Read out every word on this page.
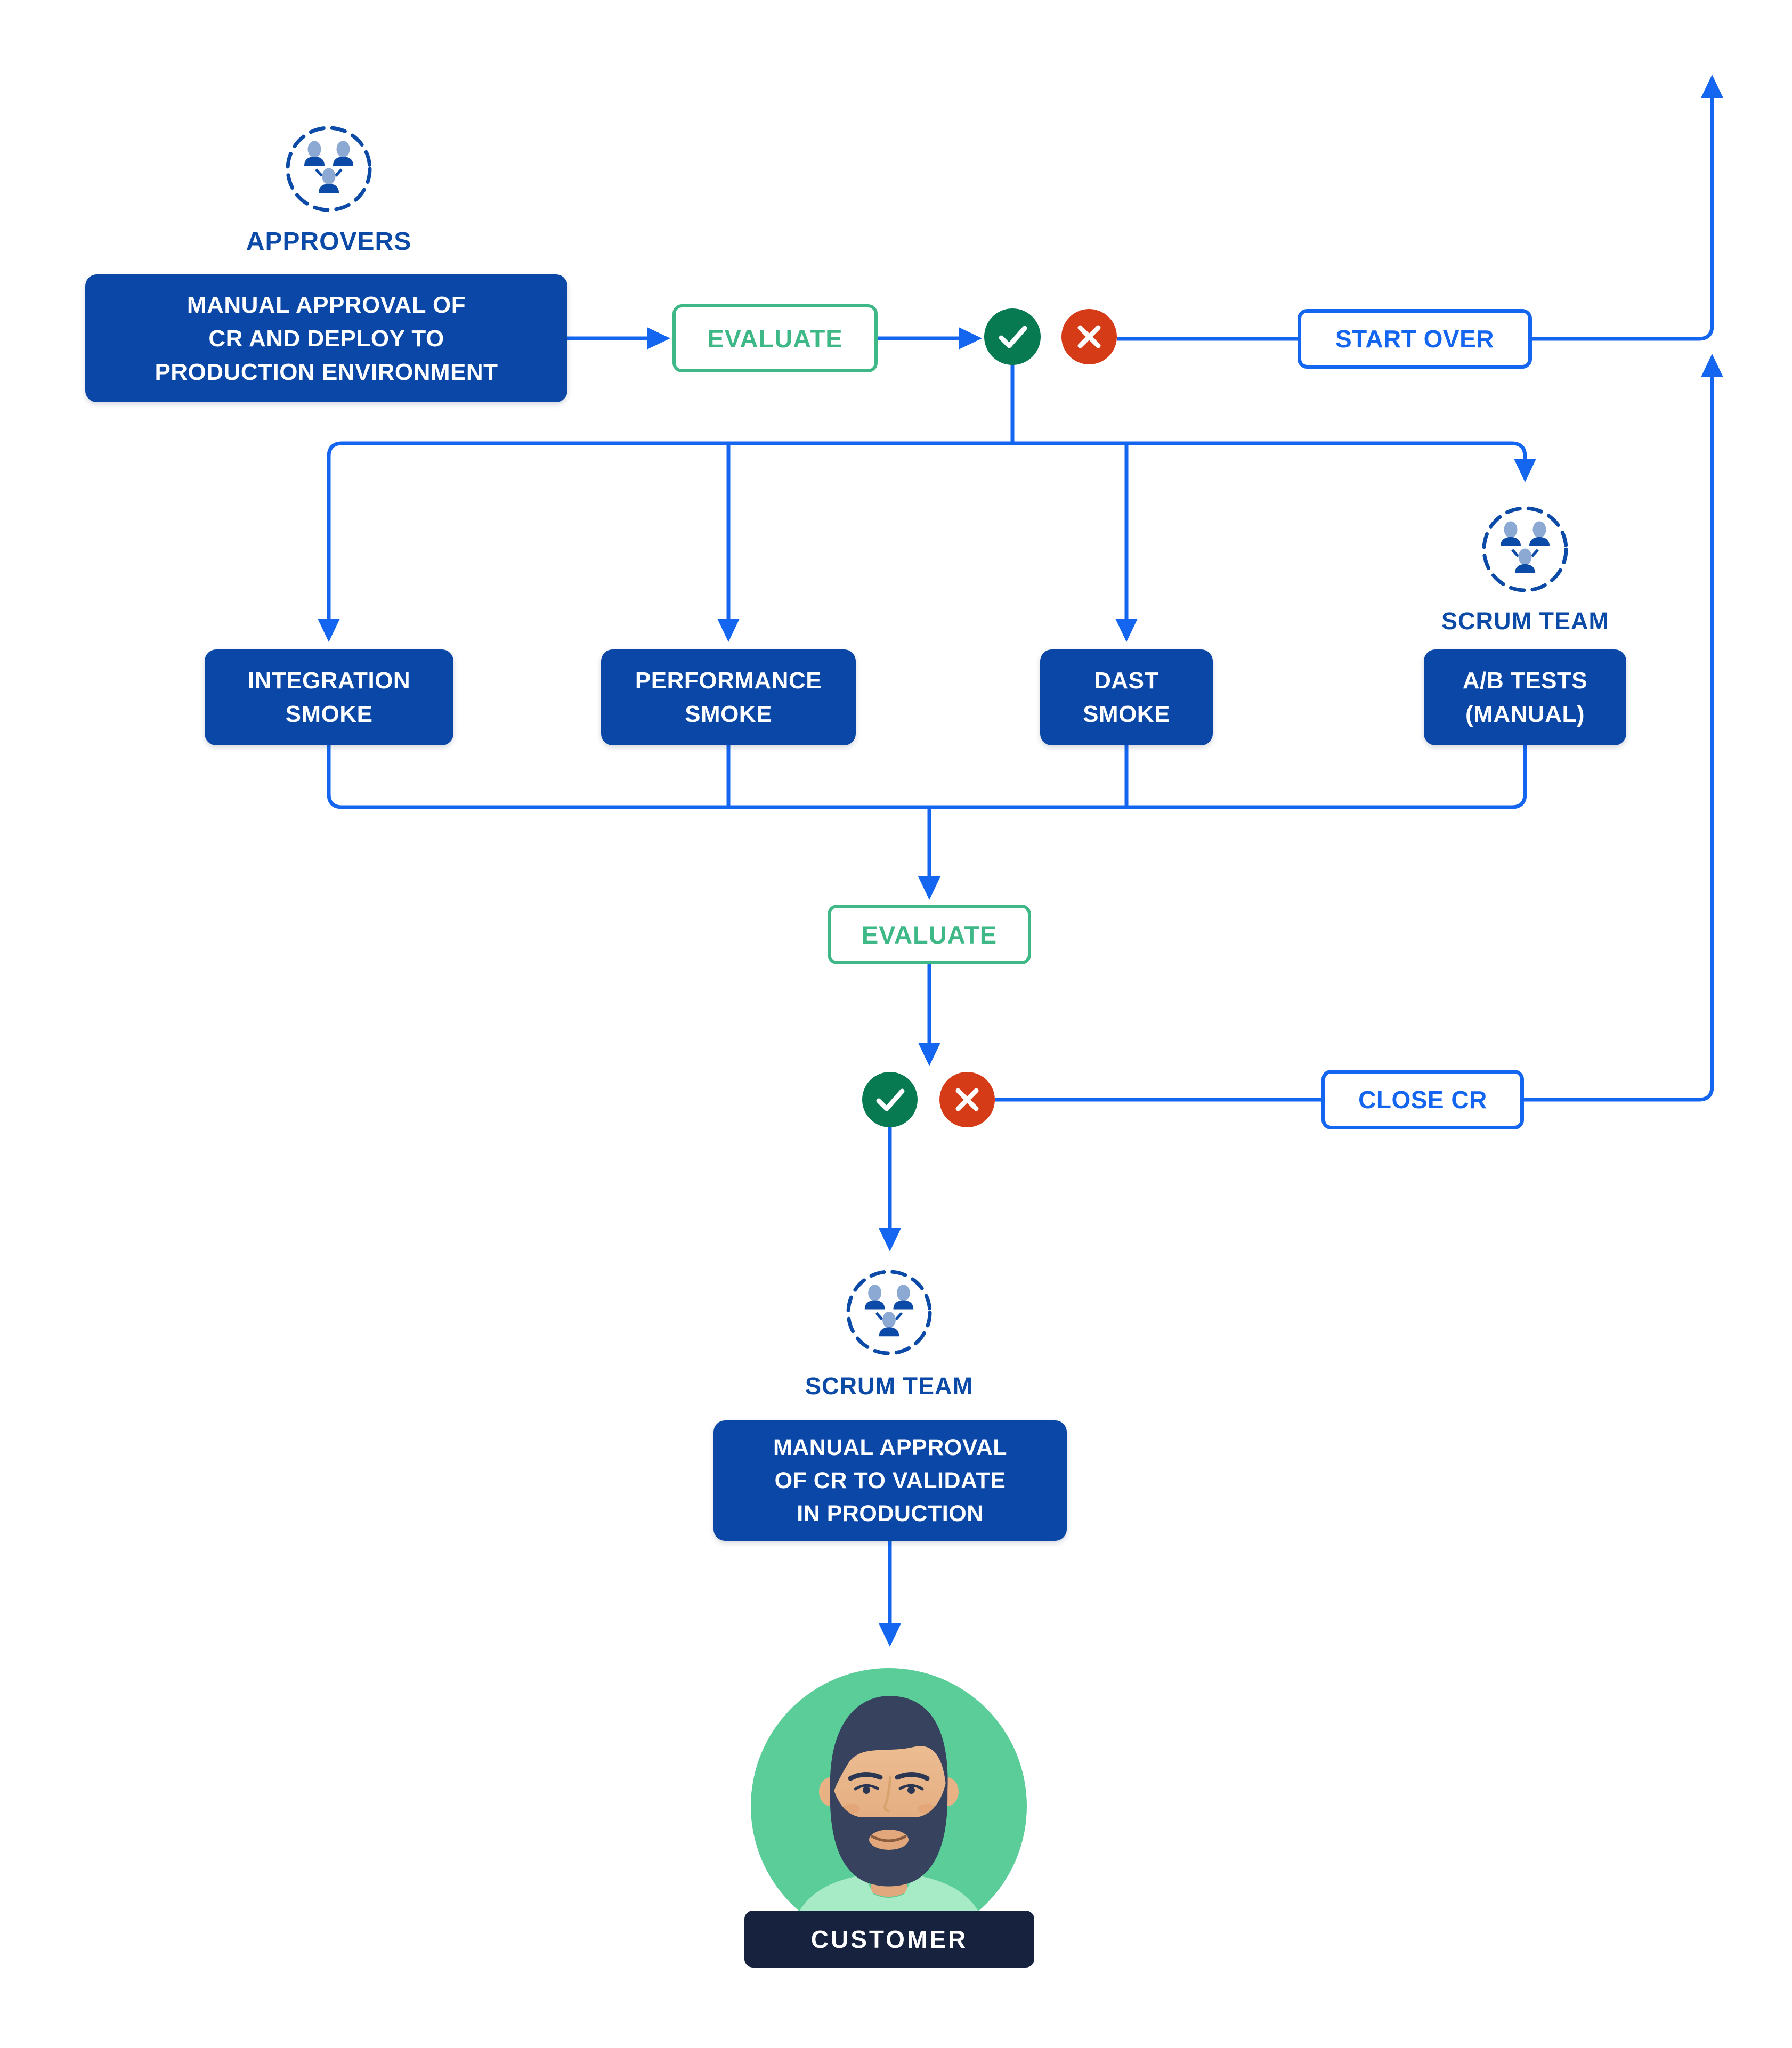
APPROVERS
MANUAL APPROVAL OF
CR AND DEPLOY TO
PRODUCTION ENVIRONMENT
EVALUATE	START OVER
INTEGRATION
SMOKE
PERFORMANCE
SMOKE
DAST
SMOKE
A/B TESTS
(MANUAL)
SCRUM TEAM
EVALUATE
CLOSE CR
SCRUM TEAM
MANUAL APPROVAL
OF CR TO VALIDATE
IN PRODUCTION
CUSTOMER
